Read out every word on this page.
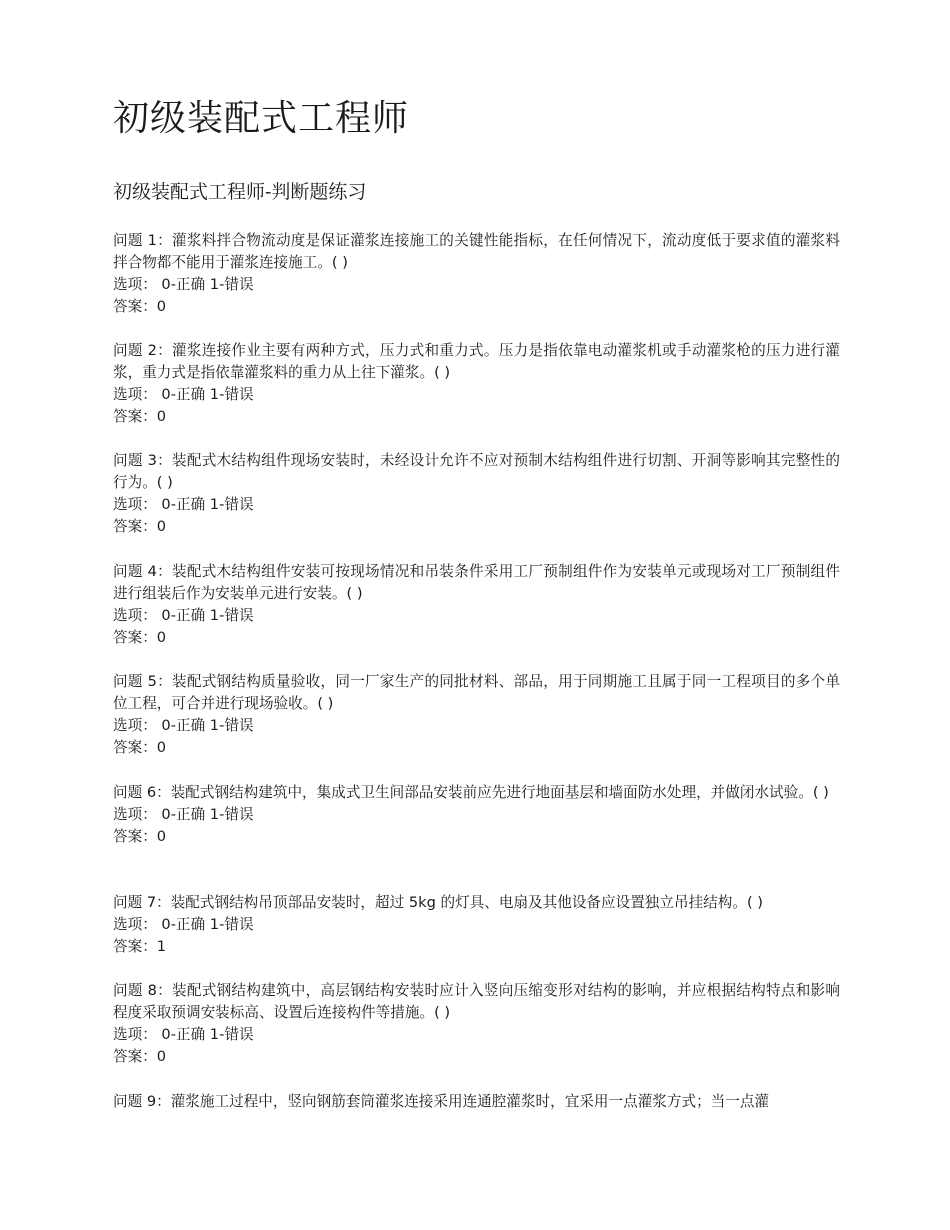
初级装配式工程师
初级装配式工程师-判断题练习

问题 1：灌浆料拌合物流动度是保证灌浆连接施工的关键性能指标，在任何情况下，流动度低于要求值的灌浆料拌合物都不能用于灌浆连接施工。( )

选项： 0-正确 1-错误

答案：0

问题 2：灌浆连接作业主要有两种方式，压力式和重力式。压力是指依靠电动灌浆机或手动灌浆枪的压力进行灌浆，重力式是指依靠灌浆料的重力从上往下灌浆。( )

选项： 0-正确 1-错误

答案：0

问题 3：装配式木结构组件现场安装时，未经设计允许不应对预制木结构组件进行切割、开洞等影响其完整性的行为。( )

选项： 0-正确 1-错误

答案：0

问题 4：装配式木结构组件安装可按现场情况和吊装条件采用工厂预制组件作为安装单元或现场对工厂预制组件进行组装后作为安装单元进行安装。( )

选项： 0-正确 1-错误

答案：0

问题 5：装配式钢结构质量验收，同一厂家生产的同批材料、部品，用于同期施工且属于同一工程项目的多个单位工程，可合并进行现场验收。( )

选项： 0-正确 1-错误

答案：0

问题 6：装配式钢结构建筑中，集成式卫生间部品安装前应先进行地面基层和墙面防水处理，并做闭水试验。( )

选项： 0-正确 1-错误

答案：0

问题 7：装配式钢结构吊顶部品安装时，超过 5kg 的灯具、电扇及其他设备应设置独立吊挂结构。( )

选项： 0-正确 1-错误

答案：1

问题 8：装配式钢结构建筑中，高层钢结构安装时应计入竖向压缩变形对结构的影响，并应根据结构特点和影响程度采取预调安装标高、设置后连接构件等措施。( )

选项： 0-正确 1-错误

答案：0

问题 9：灌浆施工过程中，竖向钢筋套筒灌浆连接采用连通腔灌浆时，宜采用一点灌浆方式；当一点灌
